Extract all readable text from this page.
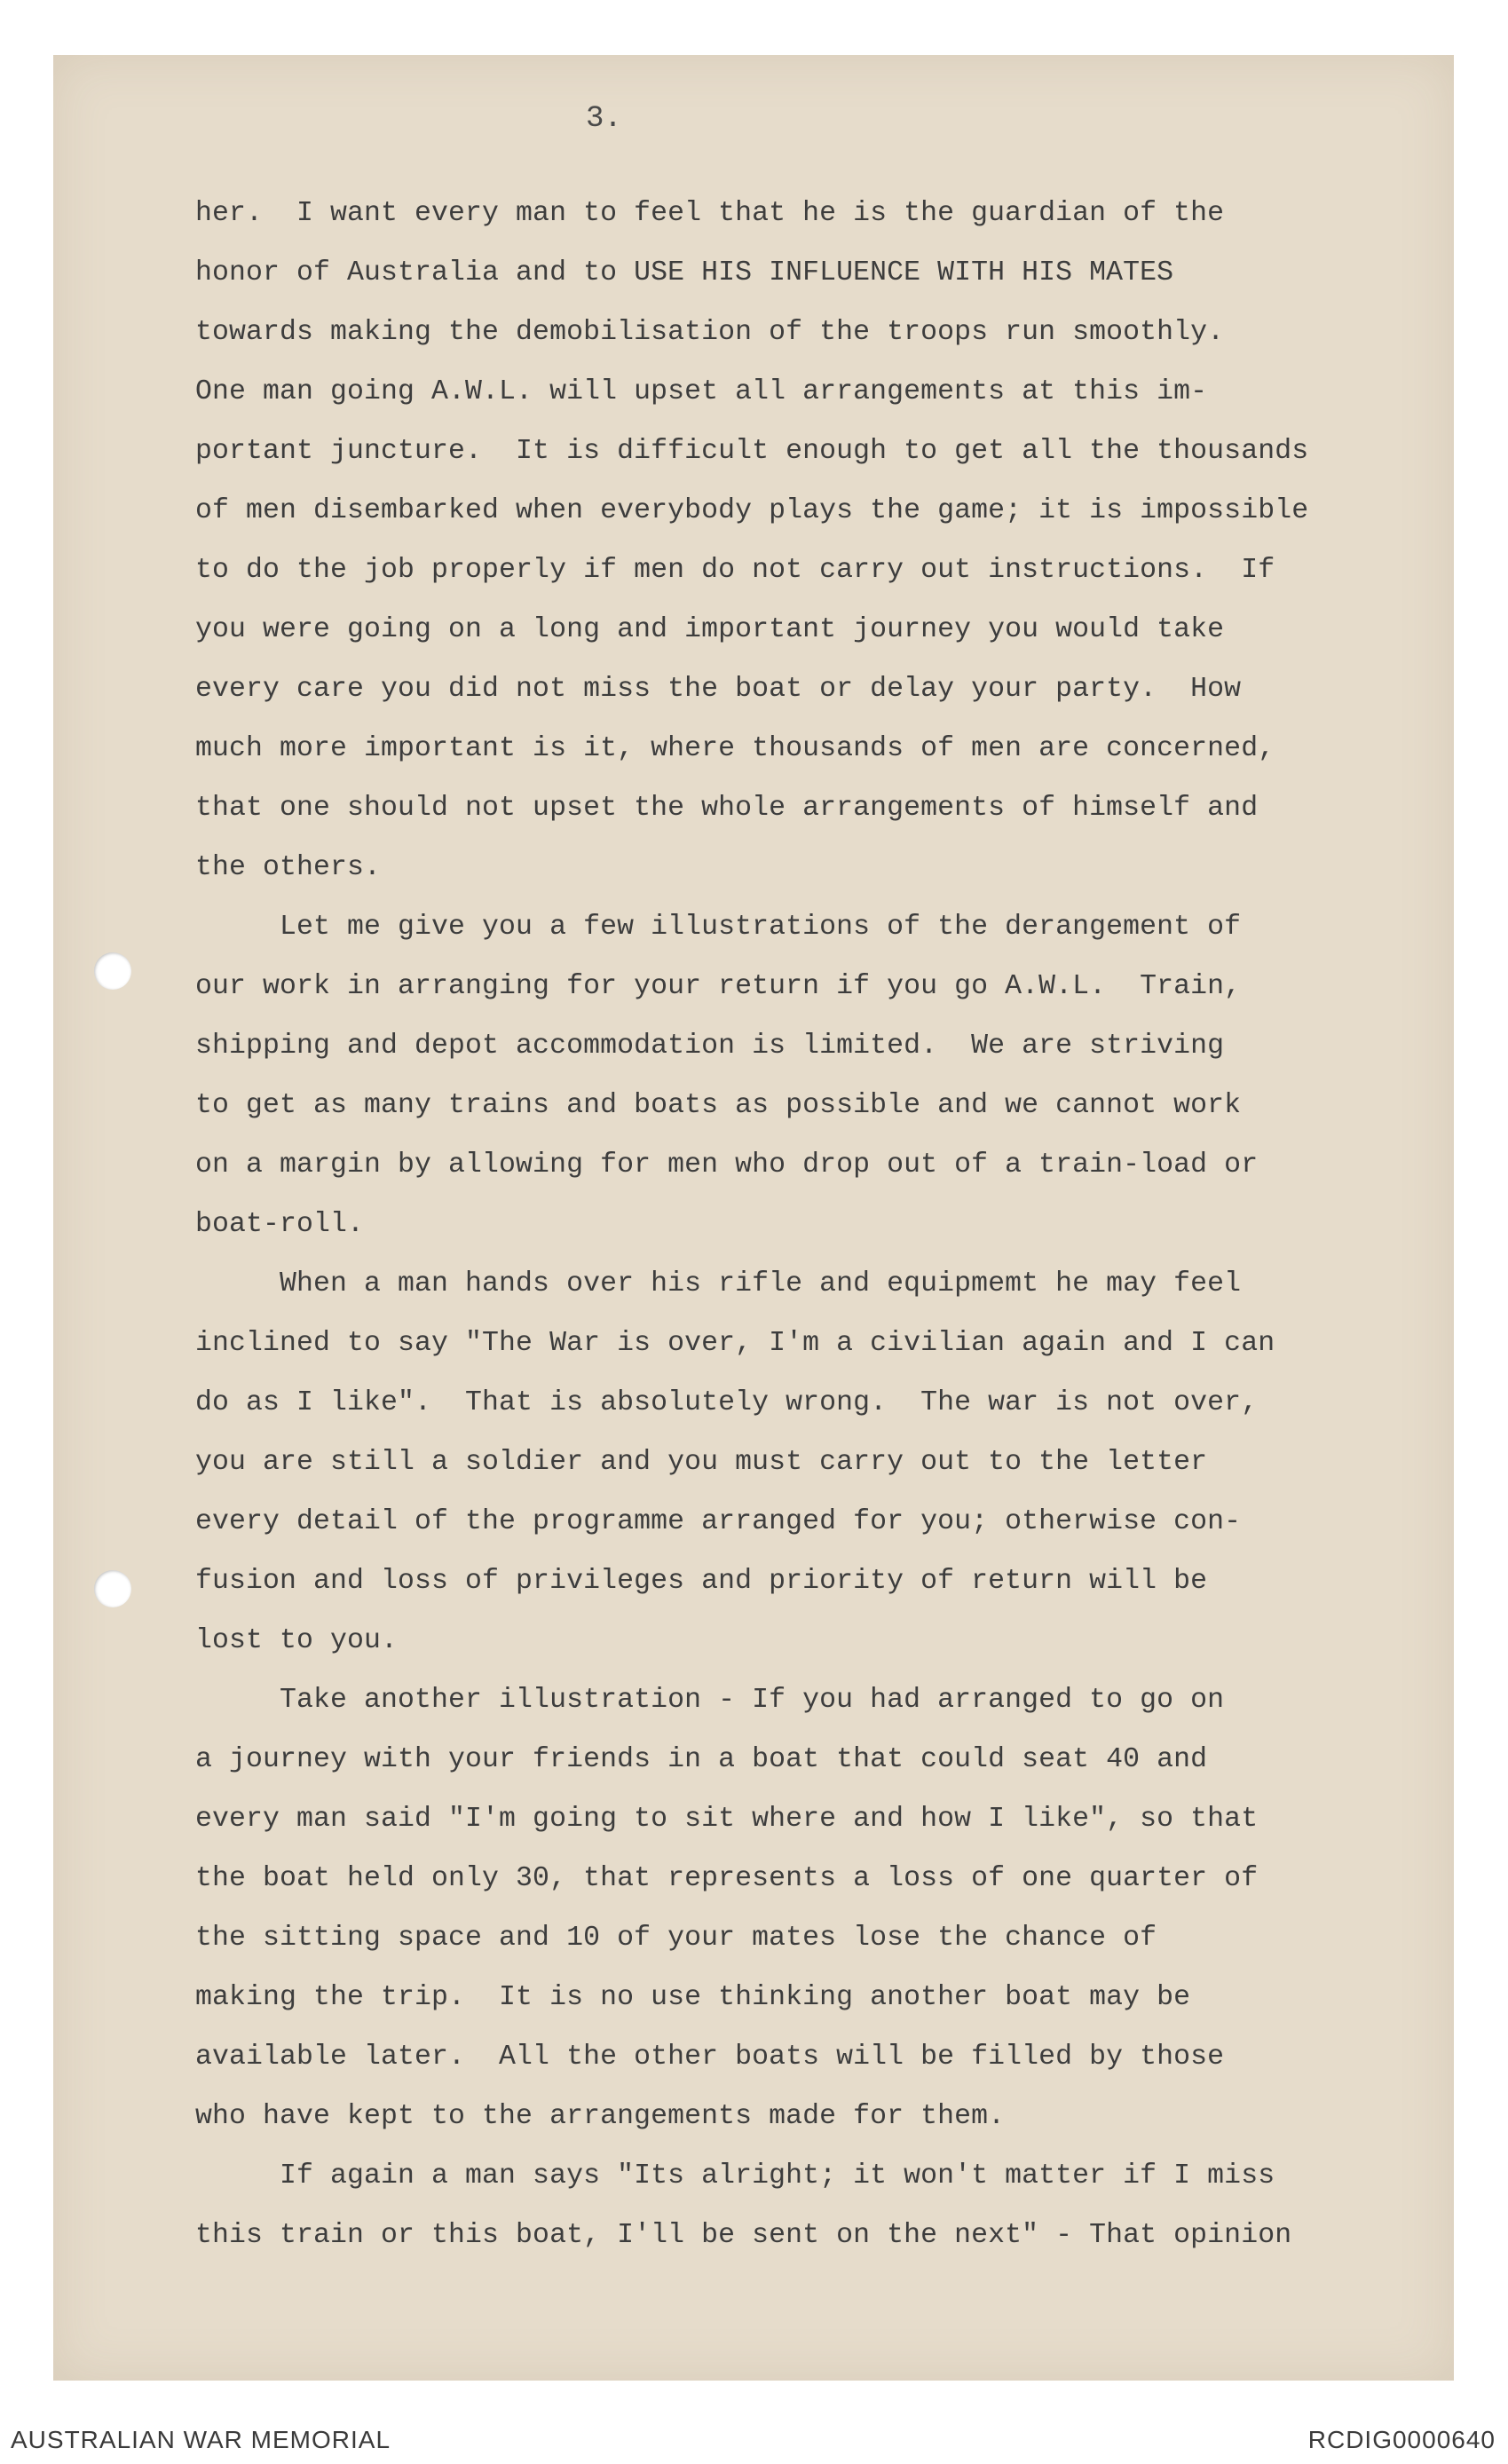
3.
her.  I want every man to feel that he is the guardian of the
honor of Australia and to USE HIS INFLUENCE WITH HIS MATES
towards making the demobilisation of the troops run smoothly.
One man going A.W.L. will upset all arrangements at this im-
portant juncture.  It is difficult enough to get all the thousands
of men disembarked when everybody plays the game; it is impossible
to do the job properly if men do not carry out instructions.  If
you were going on a long and important journey you would take
every care you did not miss the boat or delay your party.  How
much more important is it, where thousands of men are concerned,
that one should not upset the whole arrangements of himself and
the others.
Let me give you a few illustrations of the derangement of
our work in arranging for your return if you go A.W.L.  Train,
shipping and depot accommodation is limited.  We are striving
to get as many trains and boats as possible and we cannot work
on a margin by allowing for men who drop out of a train-load or
boat-roll.
When a man hands over his rifle and equipmemt he may feel
inclined to say "The War is over, I'm a civilian again and I can
do as I like".  That is absolutely wrong.  The war is not over,
you are still a soldier and you must carry out to the letter
every detail of the programme arranged for you; otherwise con-
fusion and loss of privileges and priority of return will be
lost to you.
Take another illustration - If you had arranged to go on
a journey with your friends in a boat that could seat 40 and
every man said "I'm going to sit where and how I like", so that
the boat held only 30, that represents a loss of one quarter of
the sitting space and 10 of your mates lose the chance of
making the trip.  It is no use thinking another boat may be
available later.  All the other boats will be filled by those
who have kept to the arrangements made for them.
If again a man says "Its alright; it won't matter if I miss
this train or this boat, I'll be sent on the next" - That opinion
AUSTRALIAN WAR MEMORIAL	RCDIG0000640
